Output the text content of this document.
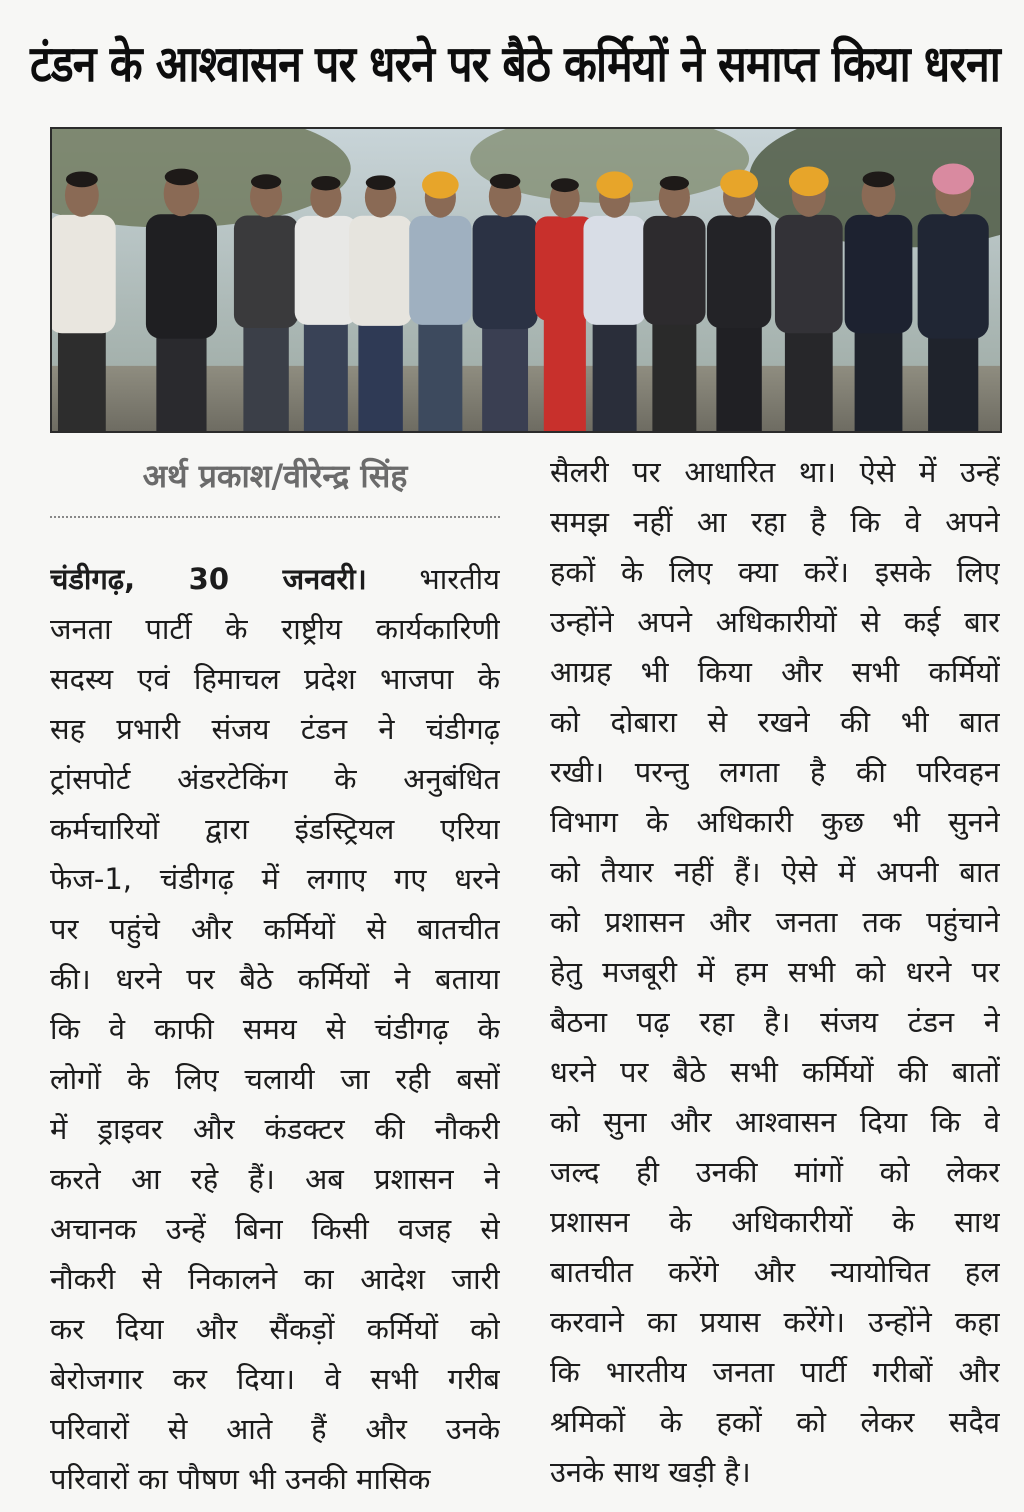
टंडन के आश्वासन पर धरने पर बैठे कर्मियों ने समाप्त किया धरना
अर्थ प्रकाश/वीरेन्द्र सिंह
चंडीगढ़, 30 जनवरी। भारतीय
जनता पार्टी के राष्ट्रीय कार्यकारिणी
सदस्य एवं हिमाचल प्रदेश भाजपा के
सह प्रभारी संजय टंडन ने चंडीगढ़
ट्रांसपोर्ट अंडरटेकिंग के अनुबंधित
कर्मचारियों द्वारा इंडस्ट्रियल एरिया
फेज-1, चंडीगढ़ में लगाए गए धरने
पर पहुंचे और कर्मियों से बातचीत
की। धरने पर बैठे कर्मियों ने बताया
कि वे काफी समय से चंडीगढ़ के
लोगों के लिए चलायी जा रही बसों
में ड्राइवर और कंडक्टर की नौकरी
करते आ रहे हैं। अब प्रशासन ने
अचानक उन्हें बिना किसी वजह से
नौकरी से निकालने का आदेश जारी
कर दिया और सैंकड़ों कर्मियों को
बेरोजगार कर दिया। वे सभी गरीब
परिवारों से आते हैं और उनके
परिवारों का पौषण भी उनकी मासिक
सैलरी पर आधारित था। ऐसे में उन्हें
समझ नहीं आ रहा है कि वे अपने
हकों के लिए क्या करें। इसके लिए
उन्होंने अपने अधिकारीयों से कई बार
आग्रह भी किया और सभी कर्मियों
को दोबारा से रखने की भी बात
रखी। परन्तु लगता है की परिवहन
विभाग के अधिकारी कुछ भी सुनने
को तैयार नहीं हैं। ऐसे में अपनी बात
को प्रशासन और जनता तक पहुंचाने
हेतु मजबूरी में हम सभी को धरने पर
बैठना पढ़ रहा है। संजय टंडन ने
धरने पर बैठे सभी कर्मियों की बातों
को सुना और आश्वासन दिया कि वे
जल्द ही उनकी मांगों को लेकर
प्रशासन के अधिकारीयों के साथ
बातचीत करेंगे और न्यायोचित हल
करवाने का प्रयास करेंगे। उन्होंने कहा
कि भारतीय जनता पार्टी गरीबों और
श्रमिकों के हकों को लेकर सदैव
उनके साथ खड़ी है।
